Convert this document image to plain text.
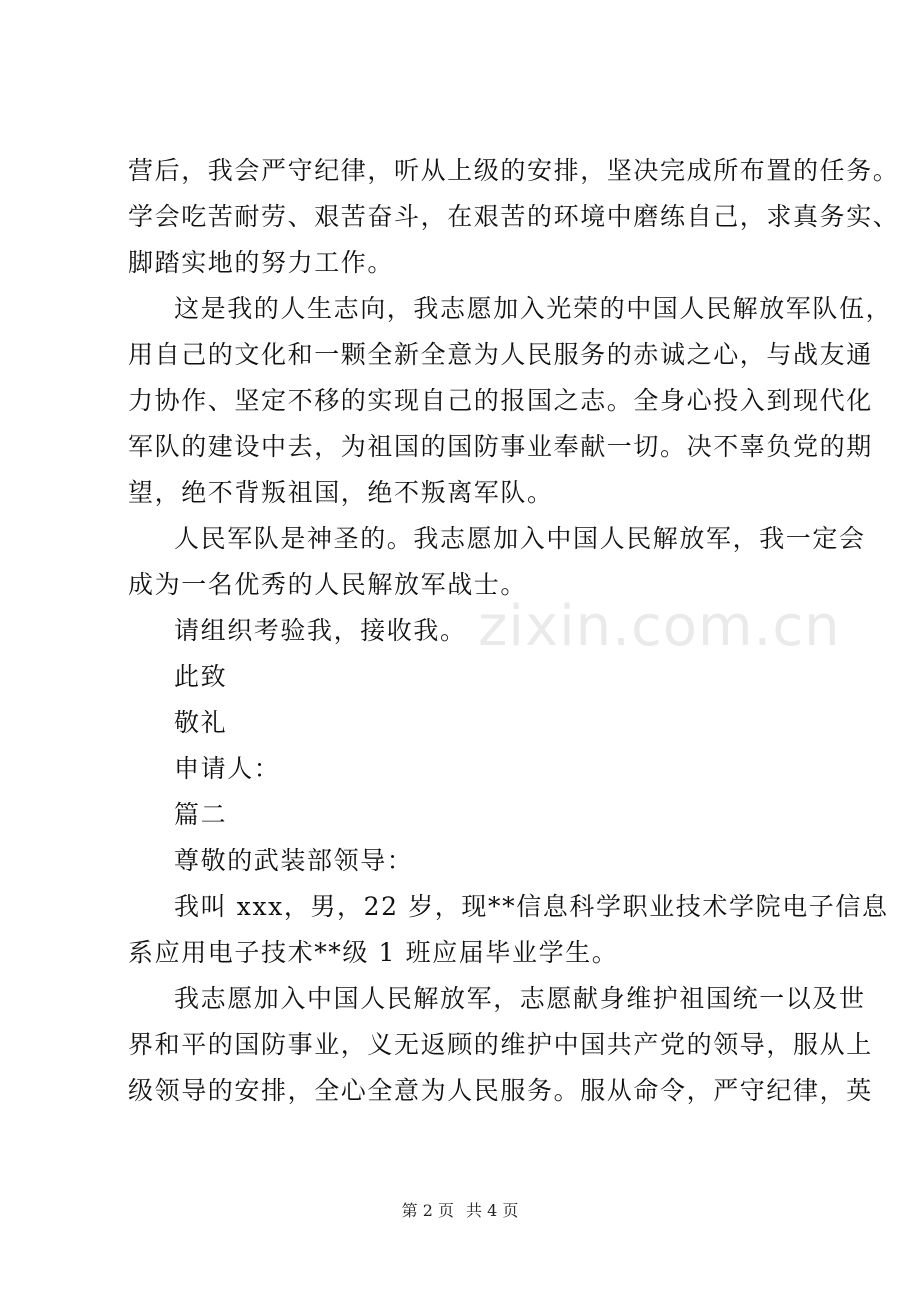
营后，我会严守纪律，听从上级的安排，坚决完成所布置的任务。
学会吃苦耐劳、艰苦奋斗，在艰苦的环境中磨练自己，求真务实、
脚踏实地的努力工作。
这是我的人生志向，我志愿加入光荣的中国人民解放军队伍，
用自己的文化和一颗全新全意为人民服务的赤诚之心，与战友通
力协作、坚定不移的实现自己的报国之志。全身心投入到现代化
军队的建设中去，为祖国的国防事业奉献一切。决不辜负党的期
望，绝不背叛祖国，绝不叛离军队。
人民军队是神圣的。我志愿加入中国人民解放军，我一定会
成为一名优秀的人民解放军战士。
请组织考验我，接收我。
此致
敬礼
申请人：
篇二
尊敬的武装部领导：
我叫 xxx，男，22 岁，现**信息科学职业技术学院电子信息
系应用电子技术**级 1 班应届毕业学生。
我志愿加入中国人民解放军，志愿献身维护祖国统一以及世
界和平的国防事业，义无返顾的维护中国共产党的领导，服从上
级领导的安排，全心全意为人民服务。服从命令，严守纪律，英
zixin.com.cn
第 2 页 共 4 页
